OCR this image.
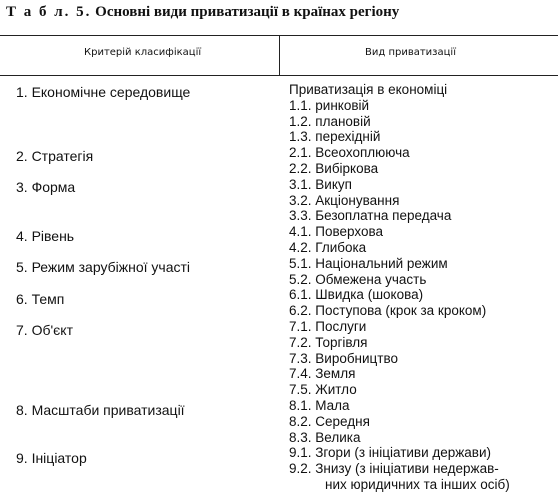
Т а б л. 5. Основні види приватизації в країнах регіону
Критерій класифікації	Вид приватизації
1. Економічне середовище
2. Стратегія
3. Форма
4. Рівень
5. Режим зарубіжної участі
6. Темп
7. Об'єкт
8. Масштаби приватизації
9. Ініціатор
Приватизація в економіці
1.1. ринковій
1.2. плановій
1.3. перехідній
2.1. Всеохоплююча
2.2. Вибіркова
3.1. Викуп
3.2. Акціонування
3.3. Безоплатна передача
4.1. Поверхова
4.2. Глибока
5.1. Національний режим
5.2. Обмежена участь
6.1. Швидка (шокова)
6.2. Поступова (крок за кроком)
7.1. Послуги
7.2. Торгівля
7.3. Виробництво
7.4. Земля
7.5. Житло
8.1. Мала
8.2. Середня
8.3. Велика
9.1. Згори (з ініціативи держави)
9.2. Знизу (з ініціативи недержав-
них юридичних та інших осіб)
